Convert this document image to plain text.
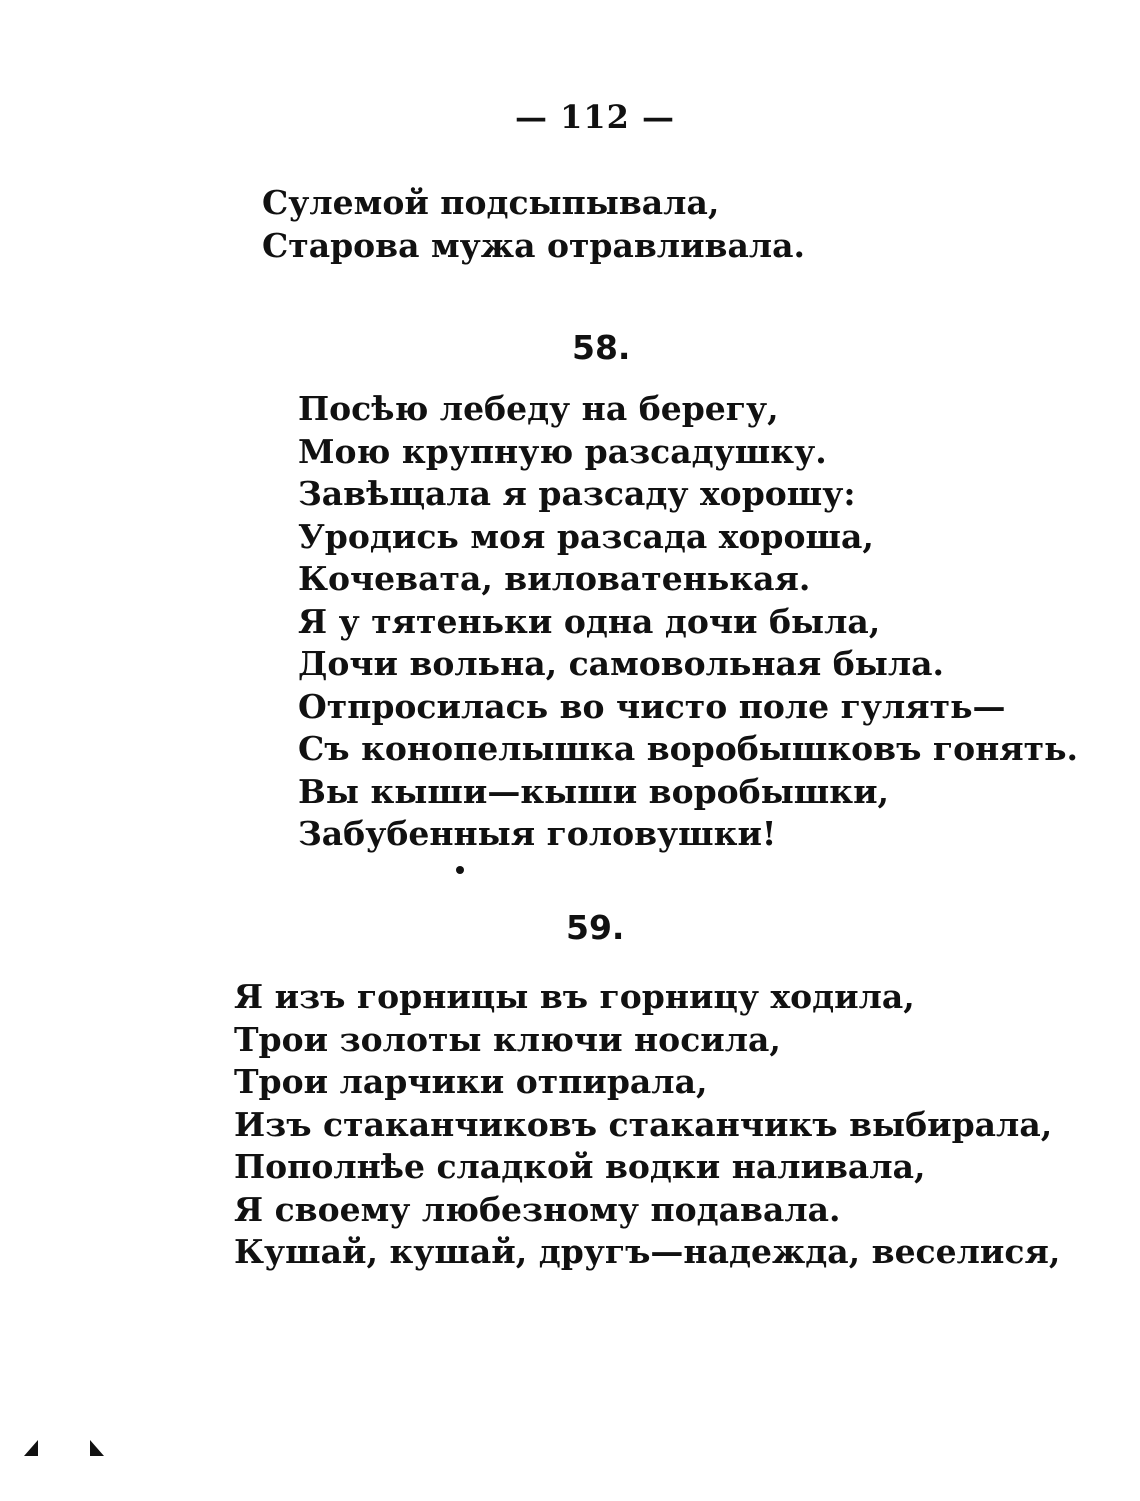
— 112 —
Сулемой подсыпывала,
Старова мужа отравливала.
58.
Посѣю лебеду на берегу,
Мою крупную разсадушку.
Завѣщала я разсаду хорошу:
Уродись моя разсада хороша,
Кочевата, виловатенькая.
Я у тятеньки одна дочи была,
Дочи вольна, самовольная была.
Отпросилась во чисто поле гулять—
Съ конопелышка воробышковъ гонять.
Вы кыши—кыши воробышки,
Забубенныя головушки!
59.
Я изъ горницы въ горницу ходила,
Трои золоты ключи носила,
Трои ларчики отпирала,
Изъ стаканчиковъ стаканчикъ выбирала,
Пополнѣе сладкой водки наливала,
Я своему любезному подавала.
Кушай, кушай, другъ—надежда, веселися,
